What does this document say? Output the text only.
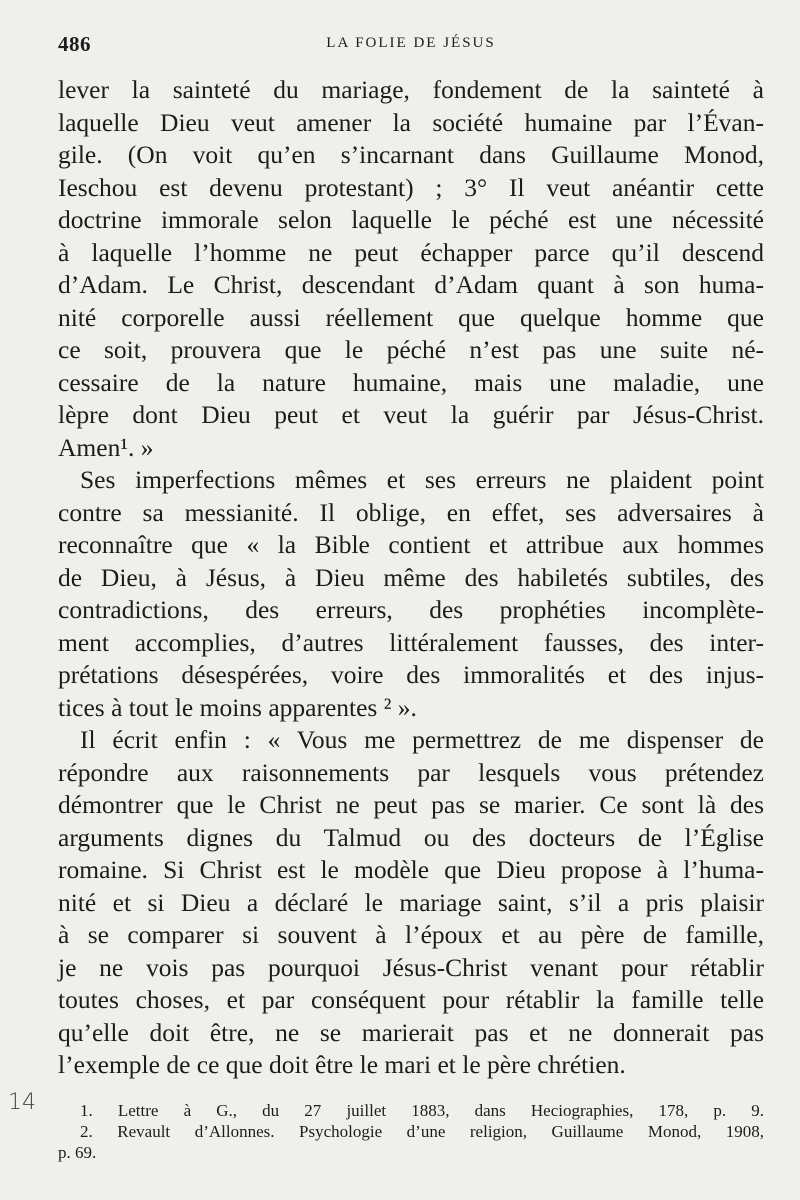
486	LA FOLIE DE JÉSUS
lever la sainteté du mariage, fondement de la sainteté à
laquelle Dieu veut amener la société humaine par l’Évan-
gile. (On voit qu’en s’incarnant dans Guillaume Monod,
Ieschou est devenu protestant) ; 3° Il veut anéantir cette
doctrine immorale selon laquelle le péché est une nécessité
à laquelle l’homme ne peut échapper parce qu’il descend
d’Adam. Le Christ, descendant d’Adam quant à son huma-
nité corporelle aussi réellement que quelque homme que
ce soit, prouvera que le péché n’est pas une suite né-
cessaire de la nature humaine, mais une maladie, une
lèpre dont Dieu peut et veut la guérir par Jésus-Christ.
Amen¹. »
Ses imperfections mêmes et ses erreurs ne plaident point
contre sa messianité. Il oblige, en effet, ses adversaires à
reconnaître que « la Bible contient et attribue aux hommes
de Dieu, à Jésus, à Dieu même des habiletés subtiles, des
contradictions, des erreurs, des prophéties incomplète-
ment accomplies, d’autres littéralement fausses, des inter-
prétations désespérées, voire des immoralités et des injus-
tices à tout le moins apparentes ² ».
Il écrit enfin : « Vous me permettrez de me dispenser de
répondre aux raisonnements par lesquels vous prétendez
démontrer que le Christ ne peut pas se marier. Ce sont là des
arguments dignes du Talmud ou des docteurs de l’Église
romaine. Si Christ est le modèle que Dieu propose à l’huma-
nité et si Dieu a déclaré le mariage saint, s’il a pris plaisir
à se comparer si souvent à l’époux et au père de famille,
je ne vois pas pourquoi Jésus-Christ venant pour rétablir
toutes choses, et par conséquent pour rétablir la famille telle
qu’elle doit être, ne se marierait pas et ne donnerait pas
l’exemple de ce que doit être le mari et le père chrétien.
14	1. Lettre à G., du 27 juillet 1883, dans Heciographies, 178, p. 9.
2. Revault d’Allonnes. Psychologie d’une religion, Guillaume Monod, 1908,
p. 69.
